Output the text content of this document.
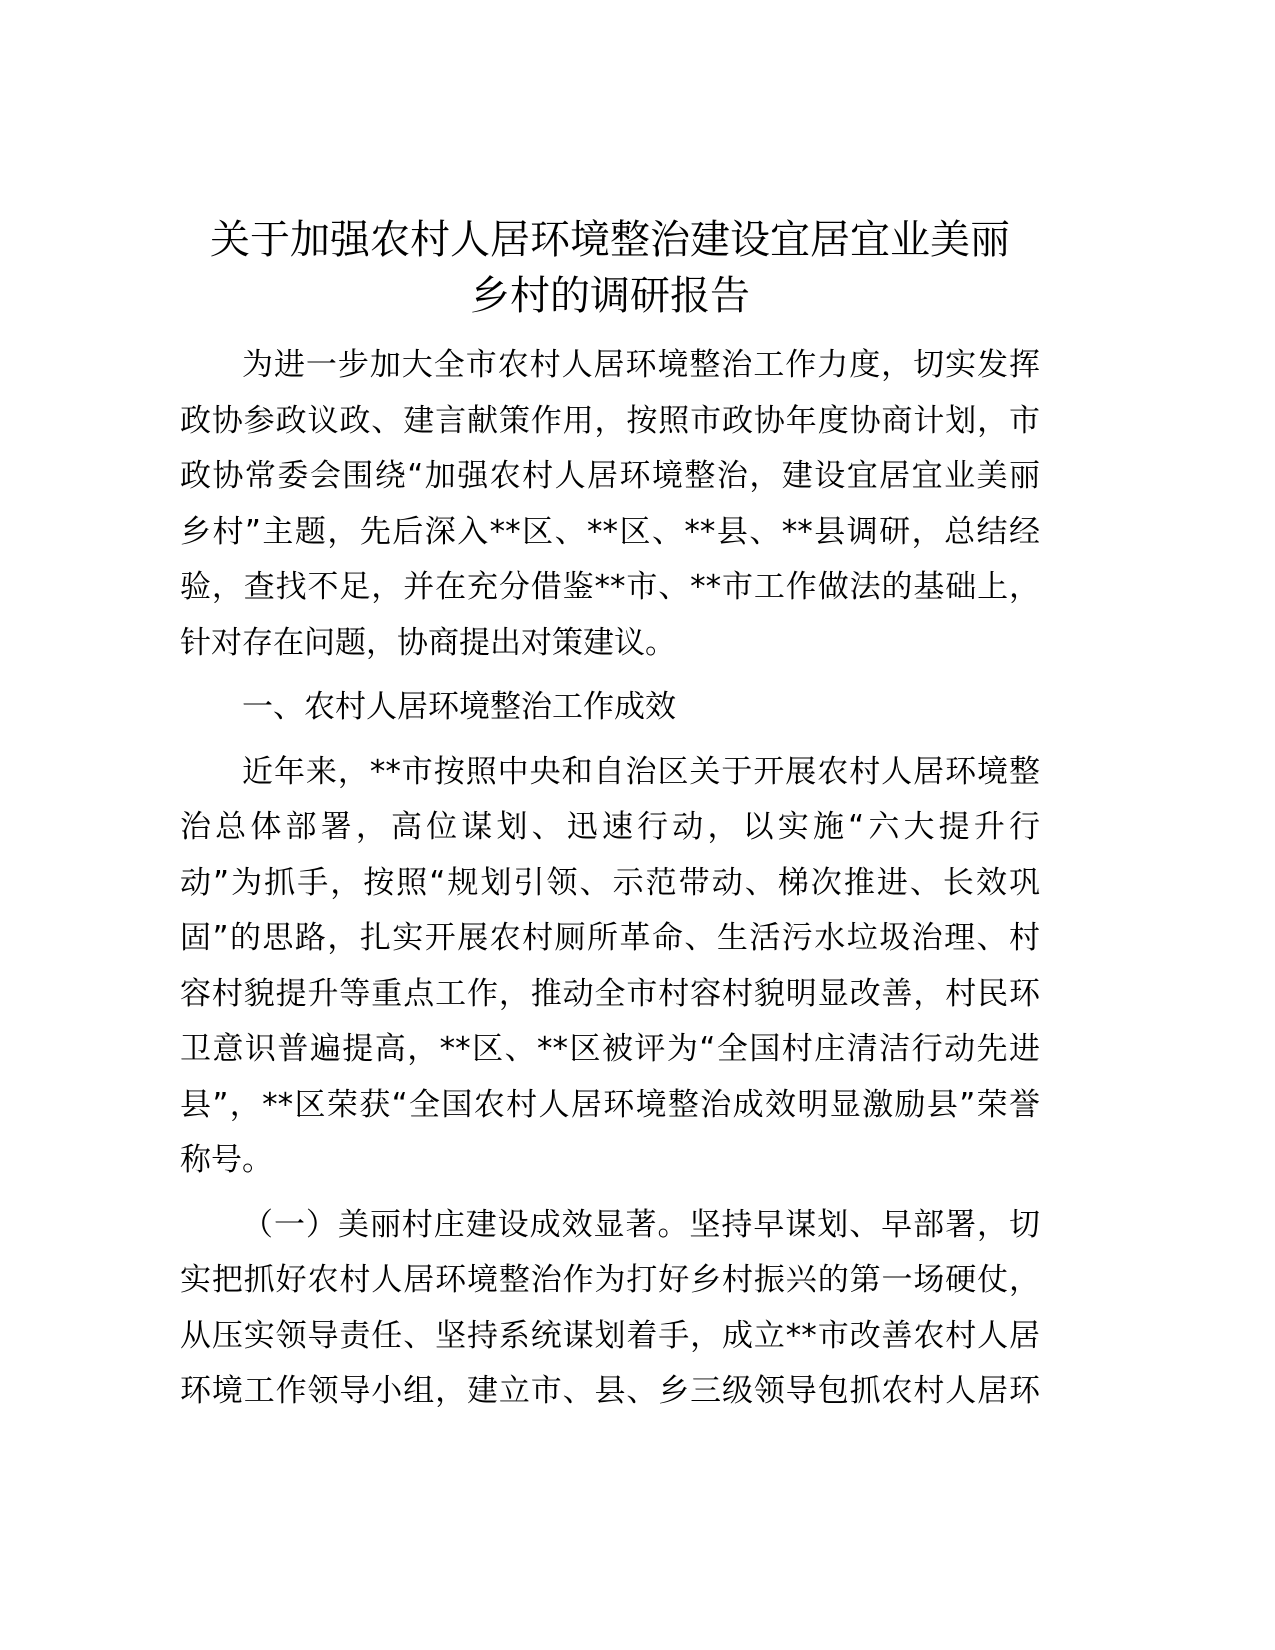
关于加强农村人居环境整治建设宜居宜业美丽
乡村的调研报告

为进一步加大全市农村人居环境整治工作力度，切实发挥
政协参政议政、建言献策作用，按照市政协年度协商计划，市
政协常委会围绕“加强农村人居环境整治，建设宜居宜业美丽
乡村”主题，先后深入**区、**区、**县、**县调研，总结经
验，查找不足，并在充分借鉴**市、**市工作做法的基础上，
针对存在问题，协商提出对策建议。

一、农村人居环境整治工作成效

近年来，**市按照中央和自治区关于开展农村人居环境整
治总体部署，高位谋划、迅速行动，以实施“六大提升行
动”为抓手，按照“规划引领、示范带动、梯次推进、长效巩
固”的思路，扎实开展农村厕所革命、生活污水垃圾治理、村
容村貌提升等重点工作，推动全市村容村貌明显改善，村民环
卫意识普遍提高，**区、**区被评为“全国村庄清洁行动先进
县”，**区荣获“全国农村人居环境整治成效明显激励县”荣誉
称号。

（一）美丽村庄建设成效显著。坚持早谋划、早部署，切
实把抓好农村人居环境整治作为打好乡村振兴的第一场硬仗，
从压实领导责任、坚持系统谋划着手，成立**市改善农村人居
环境工作领导小组，建立市、县、乡三级领导包抓农村人居环
